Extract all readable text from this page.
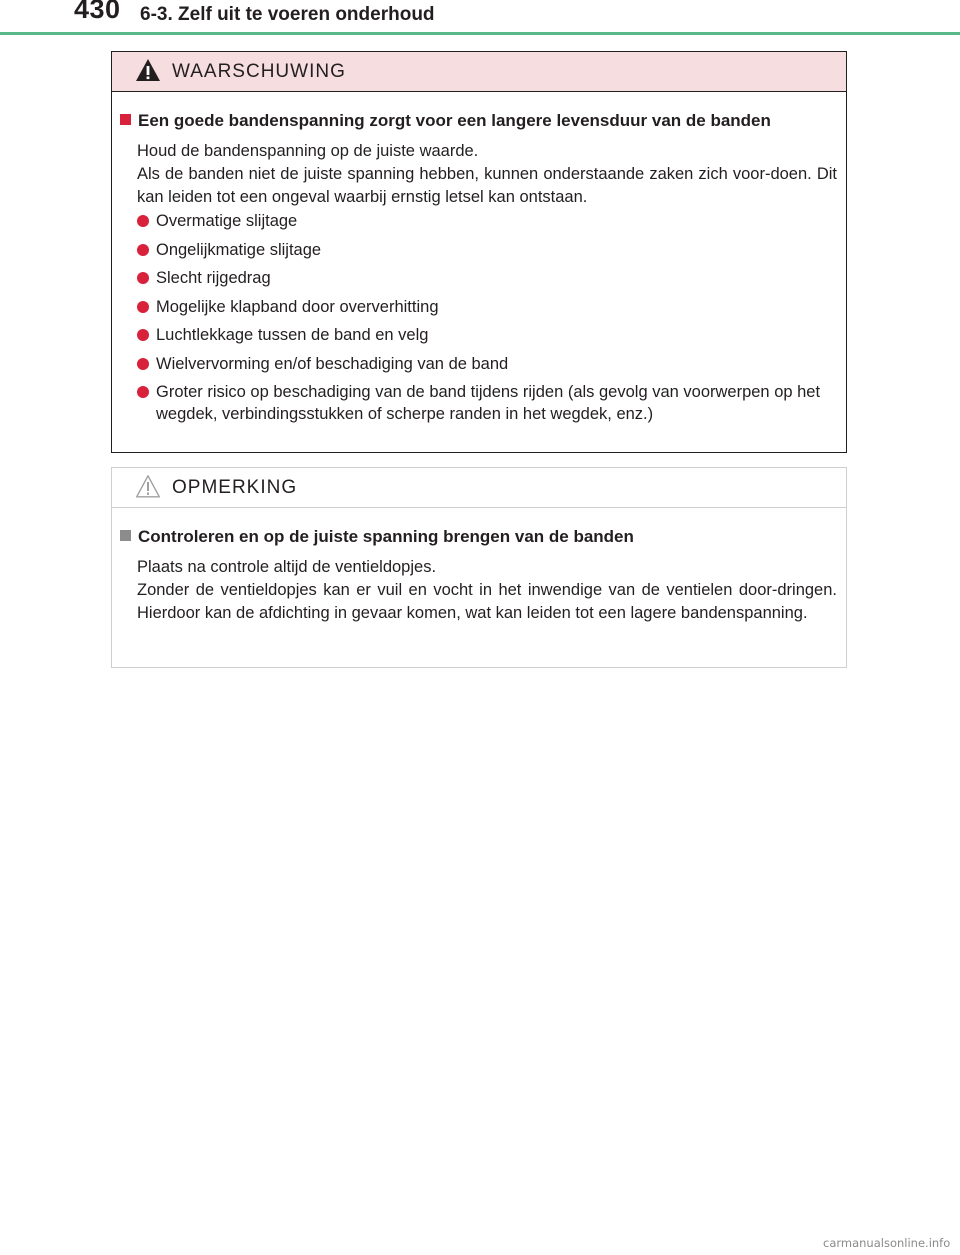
430 6-3. Zelf uit te voeren onderhoud
WAARSCHUWING
Een goede bandenspanning zorgt voor een langere levensduur van de banden
Houd de bandenspanning op de juiste waarde.
Als de banden niet de juiste spanning hebben, kunnen onderstaande zaken zich voor-doen. Dit kan leiden tot een ongeval waarbij ernstig letsel kan ontstaan.
Overmatige slijtage
Ongelijkmatige slijtage
Slecht rijgedrag
Mogelijke klapband door oververhitting
Luchtlekkage tussen de band en velg
Wielvervorming en/of beschadiging van de band
Groter risico op beschadiging van de band tijdens rijden (als gevolg van voorwerpen op het wegdek, verbindingsstukken of scherpe randen in het wegdek, enz.)
OPMERKING
Controleren en op de juiste spanning brengen van de banden
Plaats na controle altijd de ventieldopjes.
Zonder de ventieldopjes kan er vuil en vocht in het inwendige van de ventielen door-dringen. Hierdoor kan de afdichting in gevaar komen, wat kan leiden tot een lagere bandenspanning.
carmanualsonline.info
